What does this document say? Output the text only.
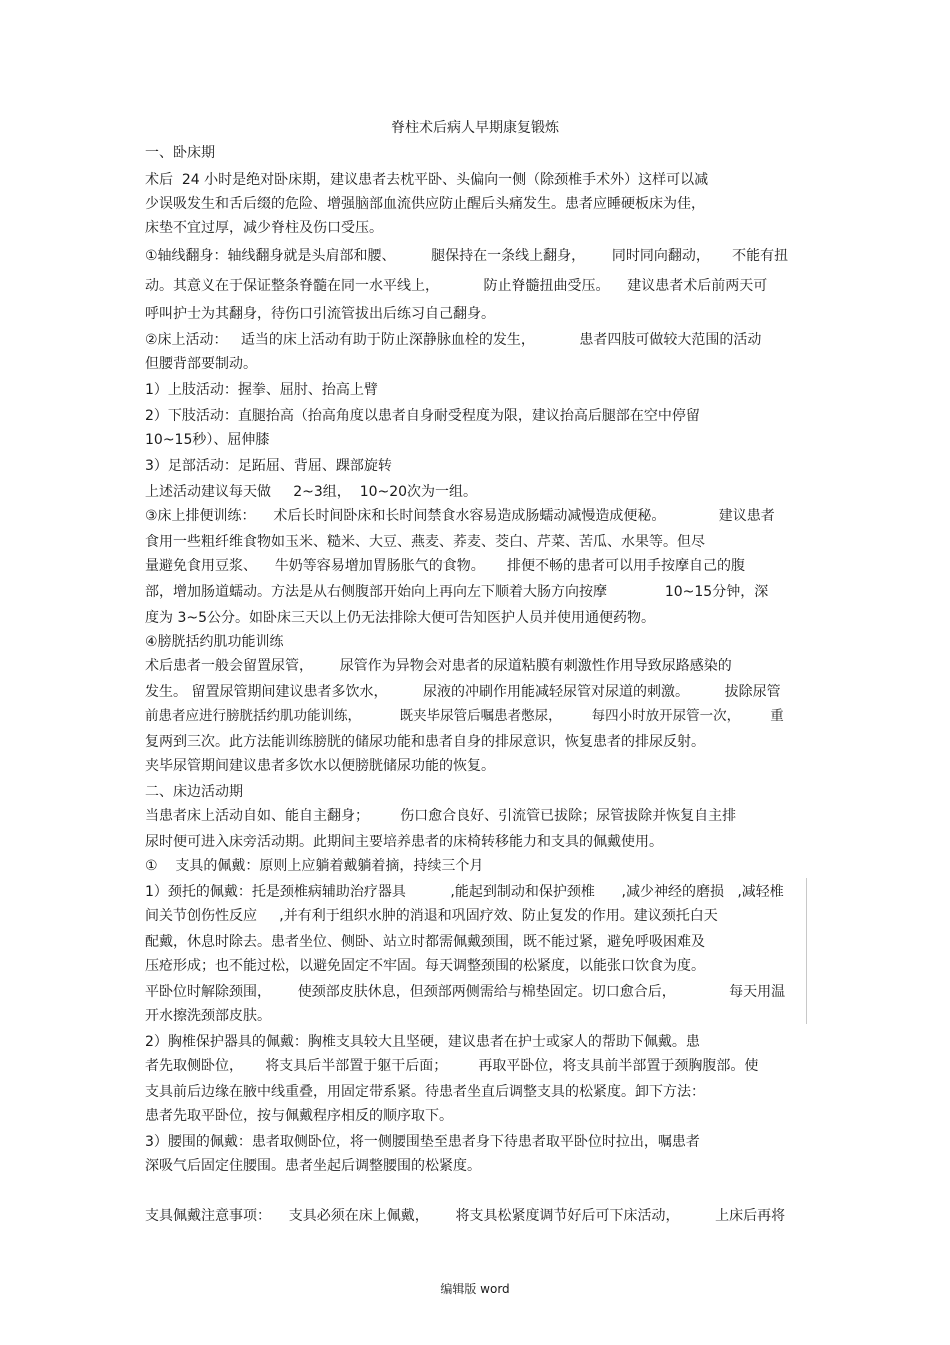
脊柱术后病人早期康复锻炼
一、卧床期
术后  24 小时是绝对卧床期，建议患者去枕平卧、头偏向一侧（除颈椎手术外）这样可以减
少误吸发生和舌后缀的危险、增强脑部血流供应防止醒后头痛发生。患者应睡硬板床为佳，
床垫不宜过厚，减少脊柱及伤口受压。
①轴线翻身：轴线翻身就是头肩部和腰、        腿保持在一条线上翻身，      同时同向翻动，     不能有扭
动。其意义在于保证整条脊髓在同一水平线上，          防止脊髓扭曲受压。    建议患者术后前两天可
呼叫护士为其翻身，待伤口引流管拔出后练习自己翻身。
②床上活动：   适当的床上活动有助于防止深静脉血栓的发生，          患者四肢可做较大范围的活动
但腰背部要制动。
1）上肢活动：握拳、屈肘、抬高上臂
2）下肢活动：直腿抬高（抬高角度以患者自身耐受程度为限，建议抬高后腿部在空中停留
10~15秒）、屈伸膝
3）足部活动：足跖屈、背屈、踝部旋转
上述活动建议每天做     2~3组，  10~20次为一组。
③床上排便训练：    术后长时间卧床和长时间禁食水容易造成肠蠕动减慢造成便秘。            建议患者
食用一些粗纤维食物如玉米、糙米、大豆、燕麦、荞麦、茭白、芹菜、苦瓜、水果等。但尽
量避免食用豆浆、    牛奶等容易增加胃肠胀气的食物。     排便不畅的患者可以用手按摩自己的腹
部，增加肠道蠕动。方法是从右侧腹部开始向上再向左下顺着大肠方向按摩             10~15分钟，深
度为 3~5公分。如卧床三天以上仍无法排除大便可告知医护人员并使用通便药物。
④膀胱括约肌功能训练
术后患者一般会留置尿管，      尿管作为异物会对患者的尿道粘膜有刺激性作用导致尿路感染的
发生。 留置尿管期间建议患者多饮水，        尿液的冲刷作用能减轻尿管对尿道的刺激。        拔除尿管
前患者应进行膀胱括约肌功能训练，         既夹毕尿管后嘱患者憋尿，       每四小时放开尿管一次，       重
复两到三次。此方法能训练膀胱的储尿功能和患者自身的排尿意识，恢复患者的排尿反射。
夹毕尿管期间建议患者多饮水以便膀胱储尿功能的恢复。
二、床边活动期
当患者床上活动自如、能自主翻身；       伤口愈合良好、引流管已拔除；尿管拔除并恢复自主排
尿时便可进入床旁活动期。此期间主要培养患者的床椅转移能力和支具的佩戴使用。
①    支具的佩戴：原则上应躺着戴躺着摘，持续三个月
1）颈托的佩戴：托是颈椎病辅助治疗器具          ,能起到制动和保护颈椎      ,减少神经的磨损   ,减轻椎
间关节创伤性反应     ,并有利于组织水肿的消退和巩固疗效、防止复发的作用。建议颈托白天
配戴，休息时除去。患者坐位、侧卧、站立时都需佩戴颈围，既不能过紧，避免呼吸困难及
压疮形成；也不能过松，以避免固定不牢固。每天调整颈围的松紧度，以能张口饮食为度。
平卧位时解除颈围，      使颈部皮肤休息，但颈部两侧需给与棉垫固定。切口愈合后，            每天用温
开水擦洗颈部皮肤。
2）胸椎保护器具的佩戴：胸椎支具较大且坚硬，建议患者在护士或家人的帮助下佩戴。患
者先取侧卧位，     将支具后半部置于躯干后面；       再取平卧位，将支具前半部置于颈胸腹部。使
支具前后边缘在腋中线重叠，用固定带系紧。待患者坐直后调整支具的松紧度。卸下方法：
患者先取平卧位，按与佩戴程序相反的顺序取下。
3）腰围的佩戴：患者取侧卧位，将一侧腰围垫至患者身下待患者取平卧位时拉出，嘱患者
深吸气后固定住腰围。患者坐起后调整腰围的松紧度。
支具佩戴注意事项：    支具必须在床上佩戴，      将支具松紧度调节好后可下床活动，        上床后再将
编辑版 word
